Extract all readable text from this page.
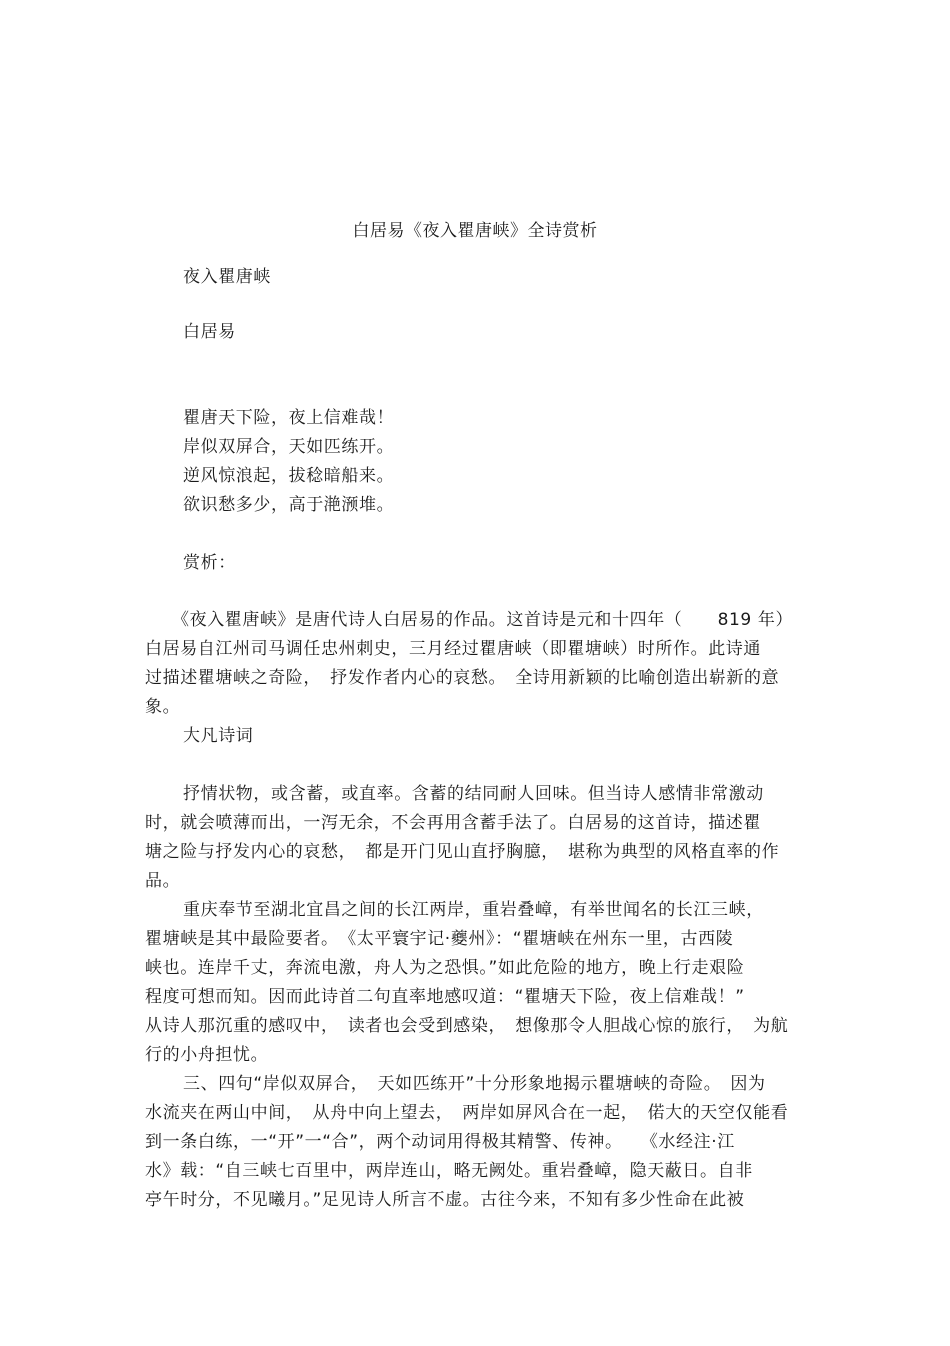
白居易《夜入瞿唐峡》全诗赏析
夜入瞿唐峡
白居易
瞿唐天下险，夜上信难哉！
岸似双屏合，天如匹练开。
逆风惊浪起，拔稔暗船来。
欲识愁多少，高于滟滪堆。
赏析：
《夜入瞿唐峡》是唐代诗人白居易的作品。这首诗是元和十四年（　　819 年）
白居易自江州司马调任忠州刺史，三月经过瞿唐峡（即瞿塘峡）时所作。此诗通
过描述瞿塘峡之奇险，　抒发作者内心的哀愁。　全诗用新颖的比喻创造出崭新的意
象。
大凡诗词
抒情状物，或含蓄，或直率。含蓄的结同耐人回味。但当诗人感情非常激动
时，就会喷薄而出，一泻无余，不会再用含蓄手法了。白居易的这首诗，描述瞿
塘之险与抒发内心的哀愁，　都是开门见山直抒胸臆，　堪称为典型的风格直率的作
品。
重庆奉节至湖北宜昌之间的长江两岸，重岩叠嶂，有举世闻名的长江三峡，
瞿塘峡是其中最险要者。　《太平寰宇记·夔州》：“瞿塘峡在州东一里，古西陵
峡也。连岸千丈，奔流电激，舟人为之恐惧。”如此危险的地方，晚上行走艰险
程度可想而知。因而此诗首二句直率地感叹道：“瞿塘天下险，夜上信难哉！”
从诗人那沉重的感叹中，　读者也会受到感染，　想像那令人胆战心惊的旅行，　为航
行的小舟担忧。
三、四句“岸似双屏合，　天如匹练开”十分形象地揭示瞿塘峡的奇险。　因为
水流夹在两山中间，　从舟中向上望去，　两岸如屏风合在一起，　偌大的天空仅能看
到一条白练，一“开”一“合”，两个动词用得极其精警、传神。　　《水经注·江
水》载：“自三峡七百里中，两岸连山，略无阙处。重岩叠嶂，隐天蔽日。自非
亭午时分，不见曦月。”足见诗人所言不虚。古往今来，不知有多少性命在此被
